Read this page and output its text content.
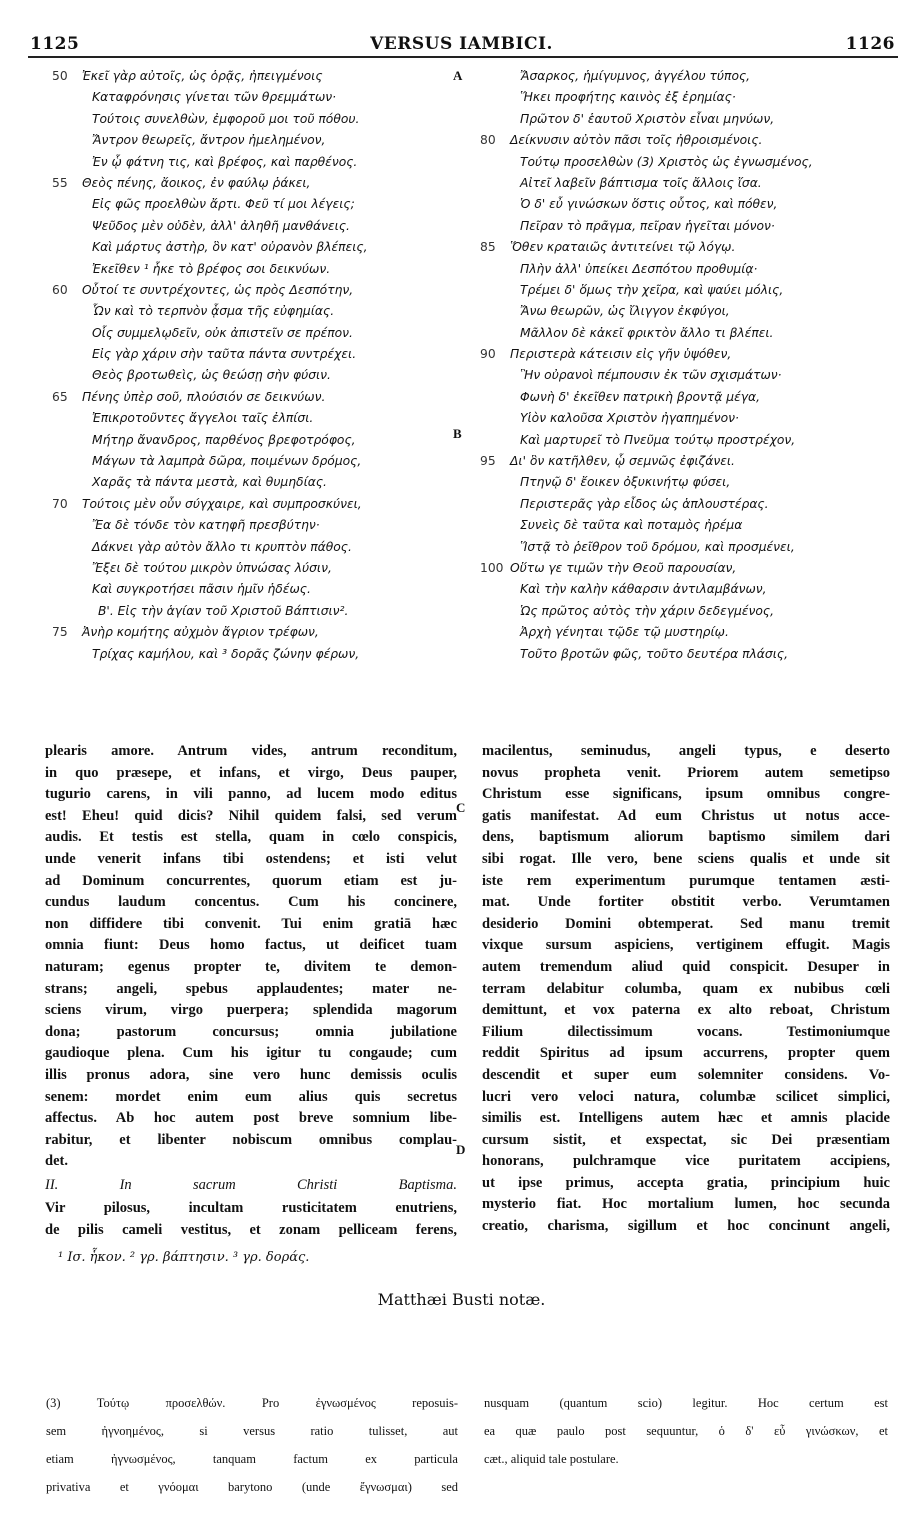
1125	VERSUS IAMBICI.	1126
50	Ἐκεῖ γὰρ αὐτοῖς, ὡς ὁρᾷς, ἠπειγμένοις
Καταφρόνησις γίνεται τῶν θρεμμάτων·
Τούτοις συνελθὼν, ἐμφοροῦ μοι τοῦ πόθου.
Ἄντρον θεωρεῖς, ἄντρον ἠμελημένον,
Ἐν ᾧ φάτνη τις, καὶ βρέφος, καὶ παρθένος.
55	Θεὸς πένης, ἄοικος, ἐν φαύλῳ ῥάκει,
Εἰς φῶς προελθὼν ἄρτι. Φεῦ τί μοι λέγεις;
Ψεῦδος μὲν οὐδὲν, ἀλλ' ἀληθῆ μανθάνεις.
Καὶ μάρτυς ἀστὴρ, ὃν κατ' οὐρανὸν βλέπεις,
Ἐκεῖθεν ¹ ἧκε τὸ βρέφος σοι δεικνύων.
60	Οὗτοί τε συντρέχοντες, ὡς πρὸς Δεσπότην,
Ὧν καὶ τὸ τερπνὸν ᾆσμα τῆς εὐφημίας.
Οἷς συμμελῳδεῖν, οὐκ ἀπιστεῖν σε πρέπον.
Εἰς γὰρ χάριν σὴν ταῦτα πάντα συντρέχει.
Θεὸς βροτωθεὶς, ὡς θεώσῃ σὴν φύσιν.
65	Πένης ὑπὲρ σοῦ, πλούσιόν σε δεικνύων.
Ἐπικροτοῦντες ἄγγελοι ταῖς ἐλπίσι.
Μήτηρ ἄνανδρος, παρθένος βρεφοτρόφος,
Μάγων τὰ λαμπρὰ δῶρα, ποιμένων δρόμος,
Χαρᾶς τὰ πάντα μεστὰ, καὶ θυμηδίας.
70	Τούτοις μὲν οὖν σύγχαιρε, καὶ συμπροσκύνει,
Ἔα δὲ τόνδε τὸν κατηφῆ πρεσβύτην·
Δάκνει γὰρ αὐτὸν ἄλλο τι κρυπτὸν πάθος.
Ἔξει δὲ τούτου μικρὸν ὑπνώσας λύσιν,
Καὶ συγκροτήσει πᾶσιν ἡμῖν ἡδέως.
Β'. Εἰς τὴν ἁγίαν τοῦ Χριστοῦ Βάπτισιν².
75	Ἀνὴρ κομήτης αὐχμὸν ἄγριον τρέφων,
Τρίχας καμήλου, καὶ ³ δορᾶς ζώνην φέρων,
Ἄσαρκος, ἡμίγυμνος, ἀγγέλου τύπος,
Ἥκει προφήτης καινὸς ἐξ ἐρημίας·
Πρῶτον δ' ἑαυτοῦ Χριστὸν εἶναι μηνύων,
80	Δείκνυσιν αὐτὸν πᾶσι τοῖς ἠθροισμένοις.
Τούτῳ προσελθὼν (3) Χριστὸς ὡς ἐγνωσμένος,
Αἰτεῖ λαβεῖν βάπτισμα τοῖς ἄλλοις ἴσα.
Ὁ δ' εὖ γινώσκων ὅστις οὗτος, καὶ πόθεν,
Πεῖραν τὸ πρᾶγμα, πεῖραν ἡγεῖται μόνον·
85	Ὅθεν κραταιῶς ἀντιτείνει τῷ λόγῳ.
Πλὴν ἀλλ' ὑπείκει Δεσπότου προθυμίᾳ·
Τρέμει δ' ὅμως τὴν χεῖρα, καὶ ψαύει μόλις,
Ἄνω θεωρῶν, ὡς ἴλιγγον ἐκφύγοι,
Μᾶλλον δὲ κἀκεῖ φρικτὸν ἄλλο τι βλέπει.
90	Περιστερὰ κάτεισιν εἰς γῆν ὑψόθεν,
Ἣν οὐρανοὶ πέμπουσιν ἐκ τῶν σχισμάτων·
Φωνὴ δ' ἐκεῖθεν πατρικὴ βροντᾷ μέγα,
Υἱὸν καλοῦσα Χριστὸν ἠγαπημένον·
Καὶ μαρτυρεῖ τὸ Πνεῦμα τούτῳ προστρέχον,
95	Δι' ὃν κατῆλθεν, ᾧ σεμνῶς ἐφιζάνει.
Πτηνῷ δ' ἔοικεν ὀξυκινήτῳ φύσει,
Περιστερᾶς γὰρ εἶδος ὡς ἁπλουστέρας.
Συνεὶς δὲ ταῦτα καὶ ποταμὸς ἠρέμα
Ἵστᾷ τὸ ῥεῖθρον τοῦ δρόμου, καὶ προσμένει,
100 Οὕτω γε τιμῶν τὴν Θεοῦ παρουσίαν,
Καὶ τὴν καλὴν κάθαρσιν ἀντιλαμβάνων,
Ὡς πρῶτος αὐτὸς τὴν χάριν δεδεγμένος,
Ἀρχὴ γένηται τῷδε τῷ μυστηρίῳ.
Τοῦτο βροτῶν φῶς, τοῦτο δευτέρα πλάσις,
A
B
C
D

plearis amore. Antrum vides, antrum reconditum,

in quo præsepe, et infans, et virgo, Deus pauper,

tugurio carens, in vili panno, ad lucem modo editus

est! Eheu! quid dicis? Nihil quidem falsi, sed verum

audis. Et testis est stella, quam in cœlo conspicis,

unde venerit infans tibi ostendens; et isti velut

ad Dominum concurrentes, quorum etiam est ju-

cundus laudum concentus. Cum his concinere,

non diffidere tibi convenit. Tui enim gratiā hæc

omnia fiunt: Deus homo factus, ut deificet tuam

naturam; egenus propter te, divitem te demon-

strans; angeli, spebus applaudentes; mater ne-

sciens virum, virgo puerpera; splendida magorum

dona; pastorum concursus; omnia jubilatione

gaudioque plena. Cum his igitur tu congaude; cum

illis pronus adora, sine vero hunc demissis oculis

senem: mordet enim eum alius quis secretus

affectus. Ab hoc autem post breve somnium libe-

rabitur, et libenter nobiscum omnibus complau-

det.

II. In sacrum Christi Baptisma.

Vir pilosus, incultam rusticitatem enutriens,

de pilis cameli vestitus, et zonam pelliceam ferens,

macilentus, seminudus, angeli typus, e deserto

novus propheta venit. Priorem autem semetipso

Christum esse significans, ipsum omnibus congre-

gatis manifestat. Ad eum Christus ut notus acce-

dens, baptismum aliorum baptismo similem dari

sibi rogat. Ille vero, bene sciens qualis et unde sit

iste rem experimentum purumque tentamen æsti-

mat. Unde fortiter obstitit verbo. Verumtamen

desiderio Domini obtemperat. Sed manu tremit

vixque sursum aspiciens, vertiginem effugit. Magis

autem tremendum aliud quid conspicit. Desuper in

terram delabitur columba, quam ex nubibus cœli

demittunt, et vox paterna ex alto reboat, Christum

Filium dilectissimum vocans. Testimoniumque

reddit Spiritus ad ipsum accurrens, propter quem

descendit et super eum solemniter considens. Vo-

lucri vero veloci natura, columbæ scilicet simplici,

similis est. Intelligens autem hæc et amnis placide

cursum sistit, et exspectat, sic Dei præsentiam

honorans, pulchramque vice puritatem accipiens,

ut ipse primus, accepta gratia, principium huic

mysterio fiat. Hoc mortalium lumen, hoc secunda

creatio, charisma, sigillum et hoc concinunt angeli,

¹ Ισ. ἧκον. ² γρ. βάπτησιν. ³ γρ. δοράς.
Matthæi Busti notæ.

(3) Τούτῳ προσελθών. Pro ἐγνωσμένος reposuis-

sem ἠγνοημένος, si versus ratio tulisset, aut

etiam ἠγνωσμένος, tanquam factum ex particula

privativa et γνόομαι barytono (unde ἔγνωσμαι) sed

nusquam (quantum scio) legitur. Hoc certum est

ea quæ paulo post sequuntur, ὁ δ' εὖ γινώσκων, et

cæt., aliquid tale postulare.
